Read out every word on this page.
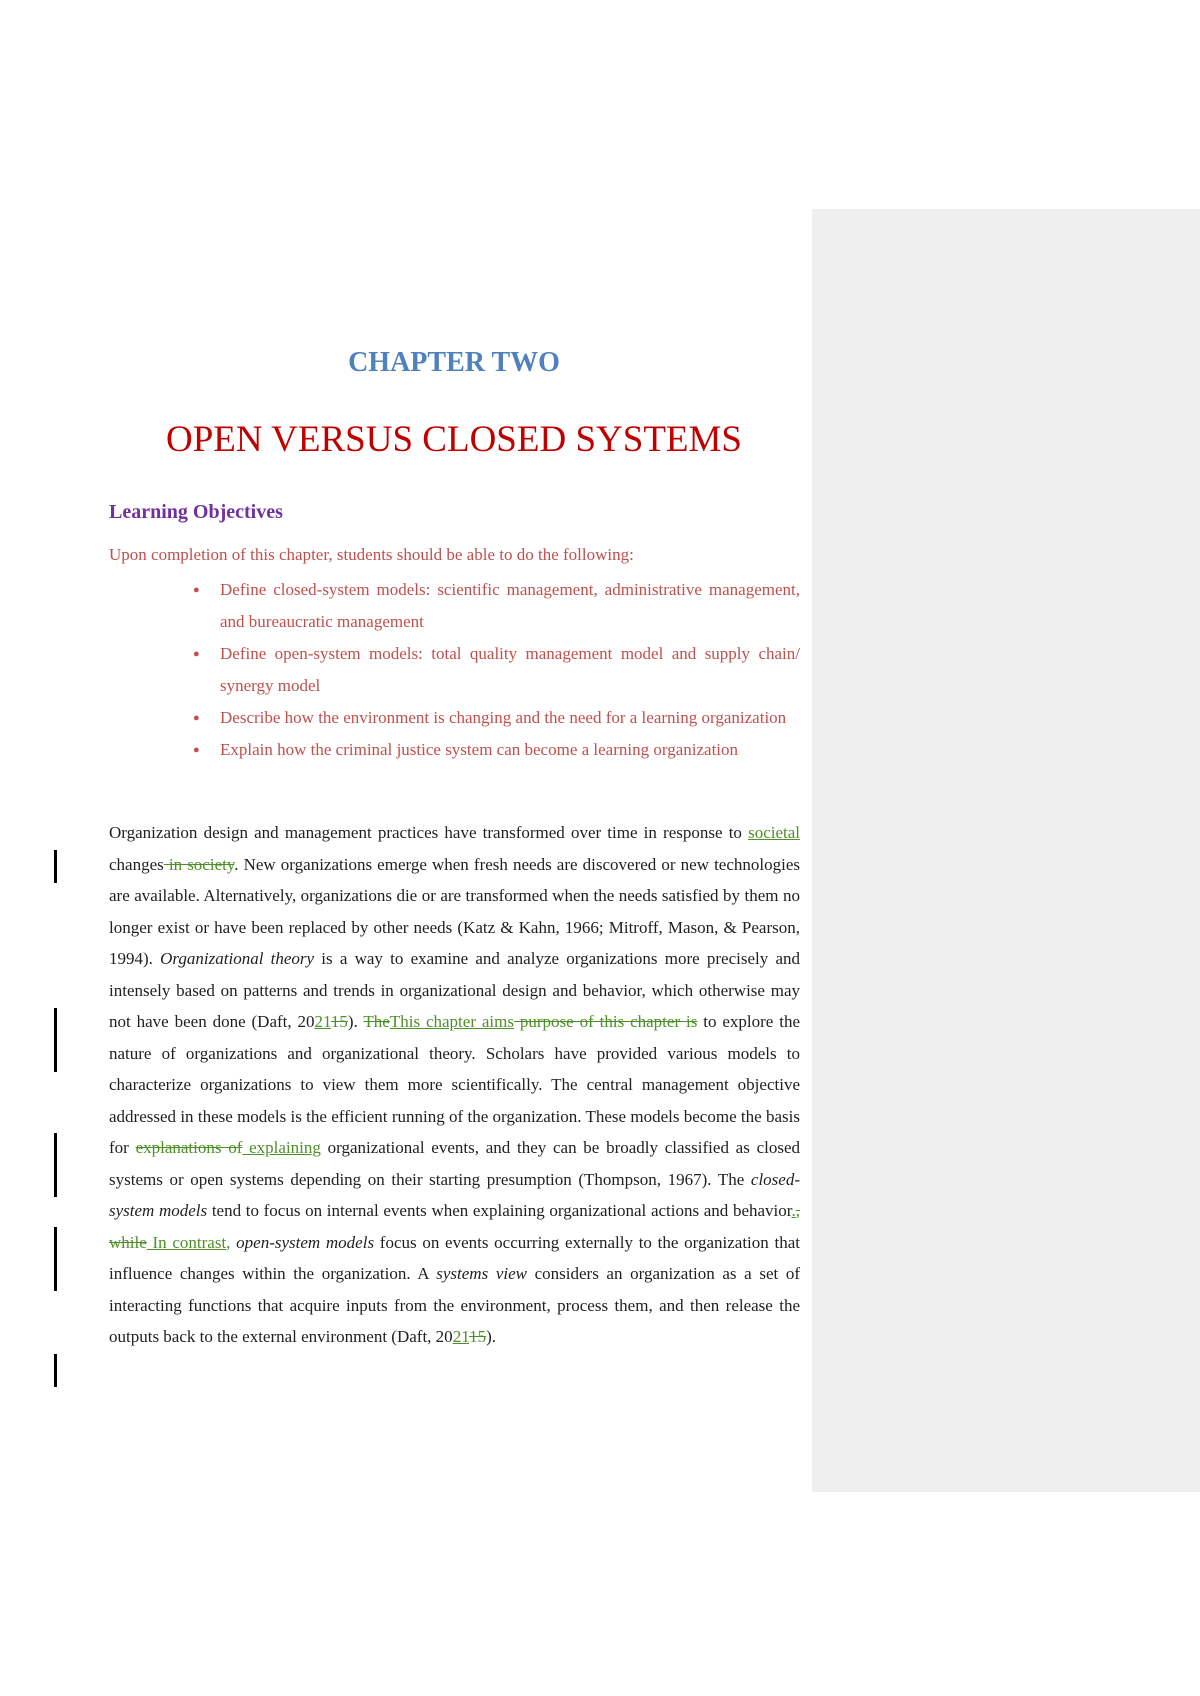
CHAPTER TWO
OPEN VERSUS CLOSED SYSTEMS
Learning Objectives
Upon completion of this chapter, students should be able to do the following:
● Define closed-system models: scientific management, administrative management, and bureaucratic management
● Define open-system models: total quality management model and supply chain/ synergy model
● Describe how the environment is changing and the need for a learning organization
● Explain how the criminal justice system can become a learning organization

Organization design and management practices have transformed over time in response to societal changes in society. New organizations emerge when fresh needs are discovered or new technologies are available. Alternatively, organizations die or are transformed when the needs satisfied by them no longer exist or have been replaced by other needs (Katz & Kahn, 1966; Mitroff, Mason, & Pearson, 1994). Organizational theory is a way to examine and analyze organizations more precisely and intensely based on patterns and trends in organizational design and behavior, which otherwise may not have been done (Daft, 202115). TheThis chapter aims purpose of this chapter is to explore the nature of organizations and organizational theory. Scholars have provided various models to characterize organizations to view them more scientifically. The central management objective addressed in these models is the efficient running of the organization. These models become the basis for explanations of explaining organizational events, and they can be broadly classified as closed systems or open systems depending on their starting presumption (Thompson, 1967). The closed-system models tend to focus on internal events when explaining organizational actions and behavior., while In contrast, open-system models focus on events occurring externally to the organization that influence changes within the organization. A systems view considers an organization as a set of interacting functions that acquire inputs from the environment, process them, and then release the outputs back to the external environment (Daft, 202115).
